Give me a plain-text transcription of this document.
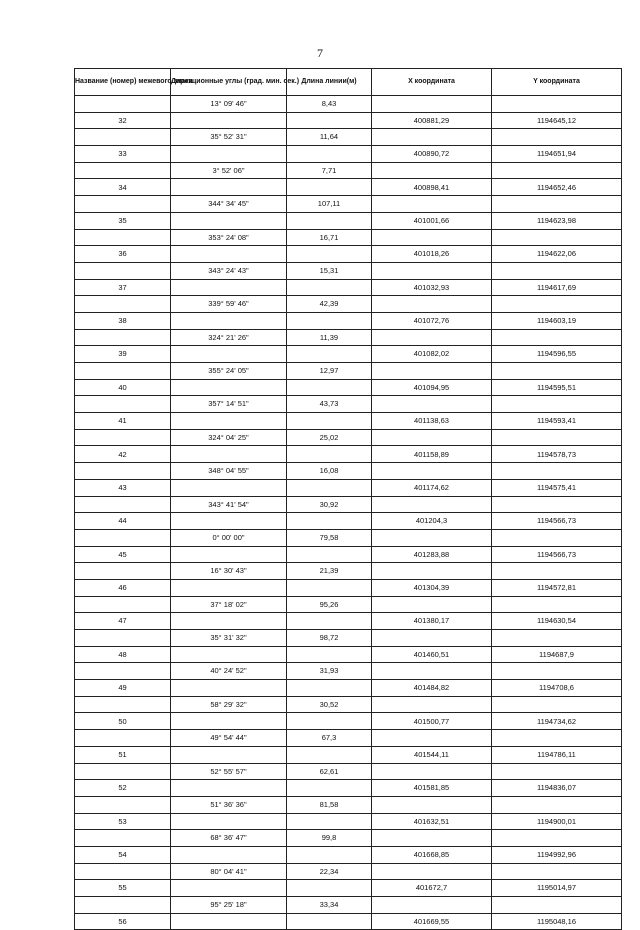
7
Название (номер) межевого знака	Дирекционные углы (град. мин. сек.)	Длина линии(м)	X координата	Y координата
	13° 09' 46"	8,43		
32			400881,29	1194645,12
	35° 52' 31"	11,64		
33			400890,72	1194651,94
	3° 52' 06"	7,71		
34			400898,41	1194652,46
	344° 34' 45"	107,11		
35			401001,66	1194623,98
	353° 24' 08"	16,71		
36			401018,26	1194622,06
	343° 24' 43"	15,31		
37			401032,93	1194617,69
	339° 59' 46"	42,39		
38			401072,76	1194603,19
	324° 21' 26"	11,39		
39			401082,02	1194596,55
	355° 24' 05"	12,97		
40			401094,95	1194595,51
	357° 14' 51"	43,73		
41			401138,63	1194593,41
	324° 04' 25"	25,02		
42			401158,89	1194578,73
	348° 04' 55"	16,08		
43			401174,62	1194575,41
	343° 41' 54"	30,92		
44			401204,3	1194566,73
	0° 00' 00"	79,58		
45			401283,88	1194566,73
	16° 30' 43"	21,39		
46			401304,39	1194572,81
	37° 18' 02"	95,26		
47			401380,17	1194630,54
	35° 31' 32"	98,72		
48			401460,51	1194687,9
	40° 24' 52"	31,93		
49			401484,82	1194708,6
	58° 29' 32"	30,52		
50			401500,77	1194734,62
	49° 54' 44"	67,3		
51			401544,11	1194786,11
	52° 55' 57"	62,61		
52			401581,85	1194836,07
	51° 36' 36"	81,58		
53			401632,51	1194900,01
	68° 36' 47"	99,8		
54			401668,85	1194992,96
	80° 04' 41"	22,34		
55			401672,7	1195014,97
	95° 25' 18"	33,34		
56			401669,55	1195048,16
